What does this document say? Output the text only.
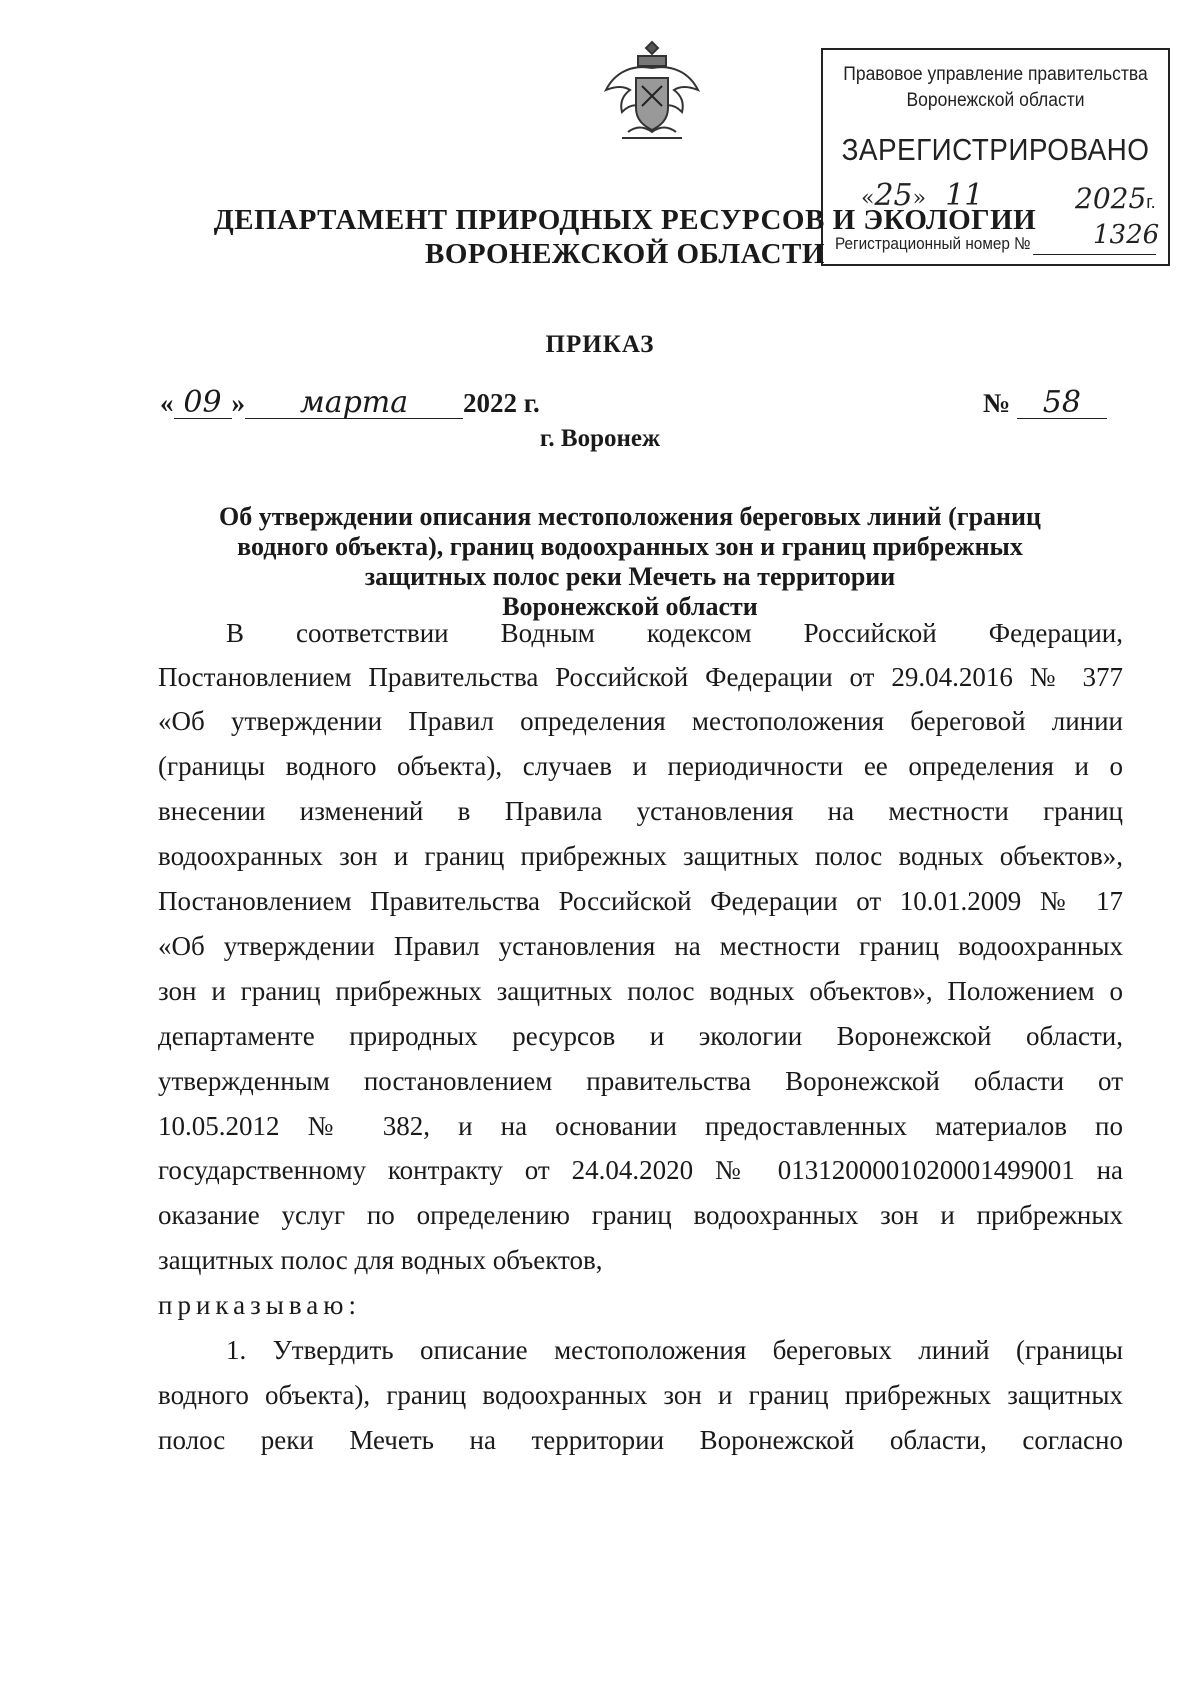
Правовое управление правительства
Воронежской области
ЗАРЕГИСТРИРОВАНО
«25» 11	2025г.
Регистрационный номер № 1326
ДЕПАРТАМЕНТ ПРИРОДНЫХ РЕСУРСОВ И ЭКОЛОГИИ
ВОРОНЕЖСКОЙ ОБЛАСТИ
ПРИКАЗ
« 09 » марта 2022 г.	№ 58
г. Воронеж
Об утверждении описания местоположения береговых линий (границ
водного объекта), границ водоохранных зон и границ прибрежных
защитных полос реки Мечеть на территории
Воронежской области
В соответствии Водным кодексом Российской Федерации,
Постановлением Правительства Российской Федерации от 29.04.2016 № 377
«Об утверждении Правил определения местоположения береговой линии
(границы водного объекта), случаев и периодичности ее определения и о
внесении изменений в Правила установления на местности границ
водоохранных зон и границ прибрежных защитных полос водных объектов»,
Постановлением Правительства Российской Федерации от 10.01.2009 № 17
«Об утверждении Правил установления на местности границ водоохранных
зон и границ прибрежных защитных полос водных объектов», Положением о
департаменте природных ресурсов и экологии Воронежской области,
утвержденным постановлением правительства Воронежской области от
10.05.2012 № 382, и на основании предоставленных материалов по
государственному контракту от 24.04.2020 № 0131200001020001499001 на
оказание услуг по определению границ водоохранных зон и прибрежных
защитных полос для водных объектов,
приказываю:
1. Утвердить описание местоположения береговых линий (границы
водного объекта), границ водоохранных зон и границ прибрежных защитных
полос реки Мечеть на территории Воронежской области, согласно
